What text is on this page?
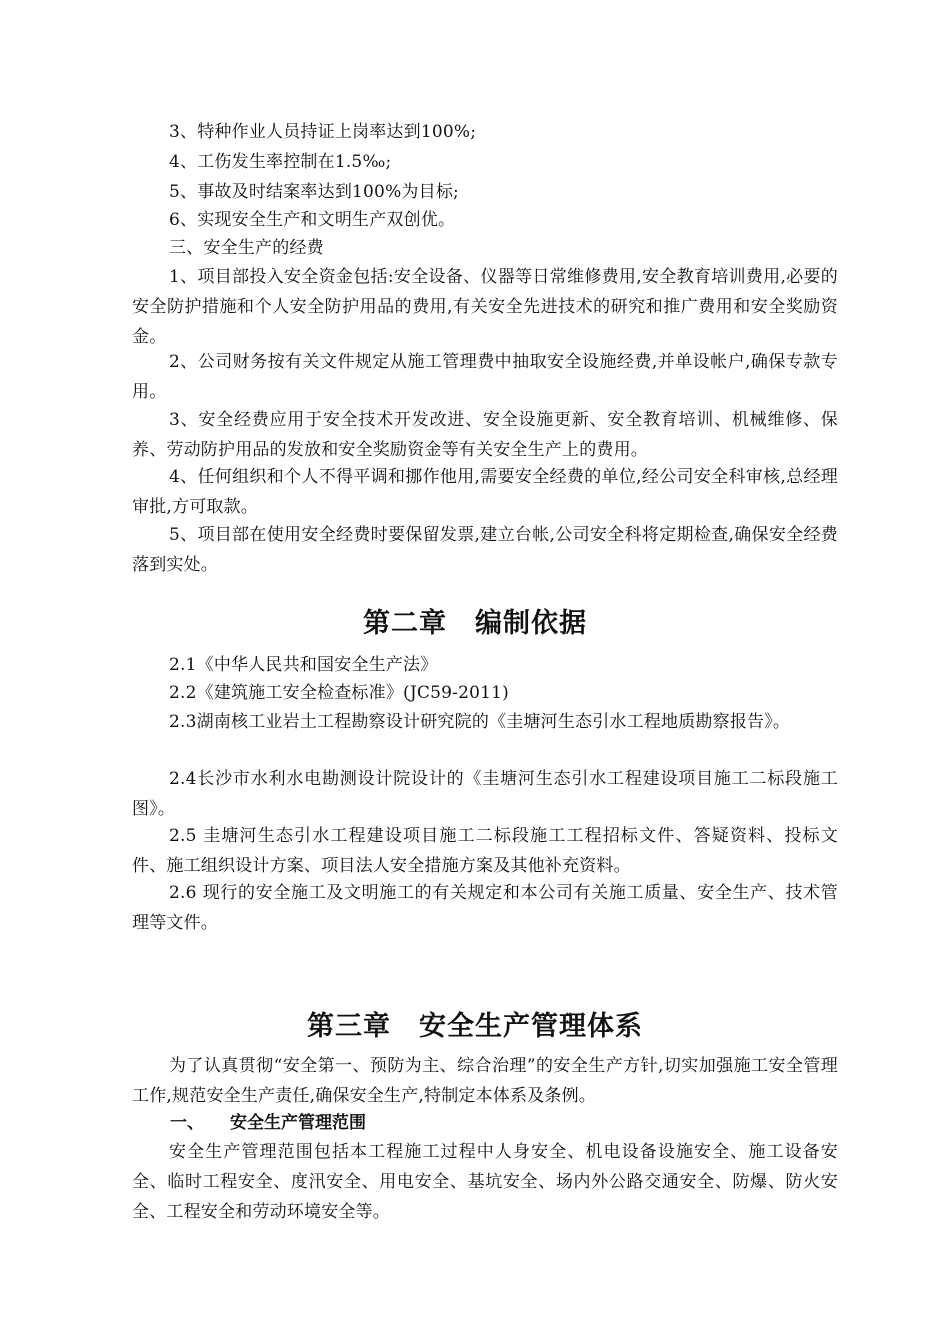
3、特种作业人员持证上岗率达到100%;

4、工伤发生率控制在1.5‰;

5、事故及时结案率达到100%为目标;

6、实现安全生产和文明生产双创优。

三、安全生产的经费

1、项目部投入安全资金包括:安全设备、仪器等日常维修费用,安全教育培训费用,必要的安全防护措施和个人安全防护用品的费用,有关安全先进技术的研究和推广费用和安全奖励资金。

2、公司财务按有关文件规定从施工管理费中抽取安全设施经费,并单设帐户,确保专款专用。

3、安全经费应用于安全技术开发改进、安全设施更新、安全教育培训、机械维修、保养、劳动防护用品的发放和安全奖励资金等有关安全生产上的费用。

4、任何组织和个人不得平调和挪作他用,需要安全经费的单位,经公司安全科审核,总经理审批,方可取款。

5、项目部在使用安全经费时要保留发票,建立台帐,公司安全科将定期检查,确保安全经费落到实处。

第二章　编制依据

2.1《中华人民共和国安全生产法》

2.2《建筑施工安全检查标准》(JC59-2011)

2.3湖南核工业岩土工程勘察设计研究院的《圭塘河生态引水工程地质勘察报告》。

2.4长沙市水利水电勘测设计院设计的《圭塘河生态引水工程建设项目施工二标段施工图》。

2.5 圭塘河生态引水工程建设项目施工二标段施工工程招标文件、答疑资料、投标文件、施工组织设计方案、项目法人安全措施方案及其他补充资料。

2.6 现行的安全施工及文明施工的有关规定和本公司有关施工质量、安全生产、技术管理等文件。

第三章　安全生产管理体系

为了认真贯彻“安全第一、预防为主、综合治理”的安全生产方针,切实加强施工安全管理工作,规范安全生产责任,确保安全生产,特制定本体系及条例。

一、 安全生产管理范围

安全生产管理范围包括本工程施工过程中人身安全、机电设备设施安全、施工设备安全、临时工程安全、度汛安全、用电安全、基坑安全、场内外公路交通安全、防爆、防火安全、工程安全和劳动环境安全等。
